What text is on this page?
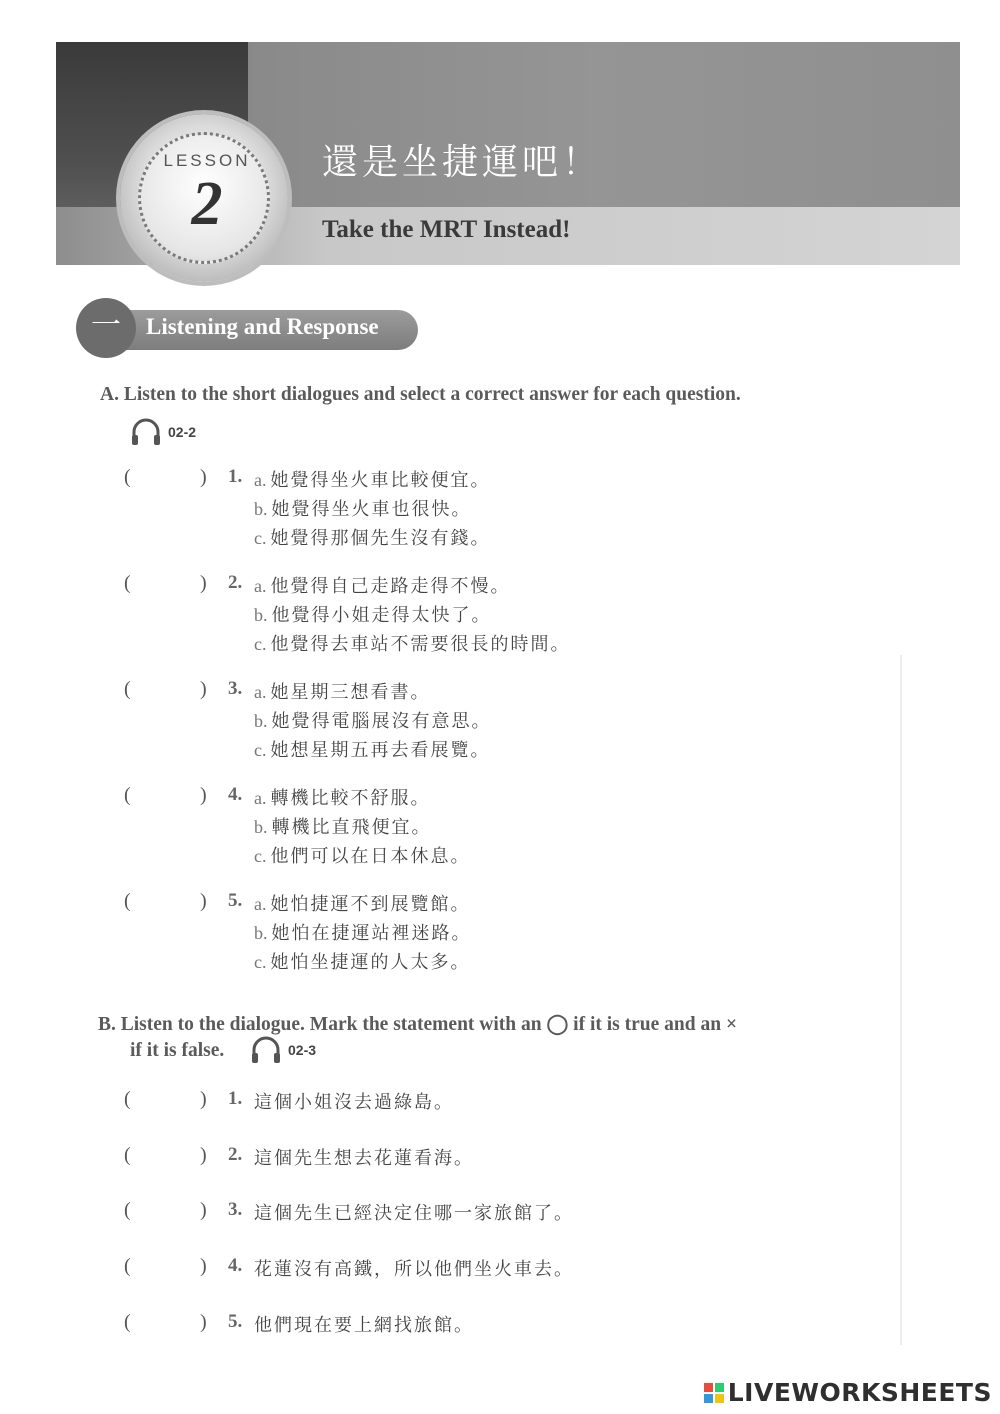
還是坐捷運吧！
Take the MRT Instead!
LESSON
2
一	Listening and Response
A. Listen to the short dialogues and select a correct answer for each question.
02-2
(	) 1. a. 她覺得坐火車比較便宜。
b. 她覺得坐火車也很快。
c. 她覺得那個先生沒有錢。
(	) 2. a. 他覺得自己走路走得不慢。
b. 他覺得小姐走得太快了。
c. 他覺得去車站不需要很長的時間。
(	) 3. a. 她星期三想看書。
b. 她覺得電腦展沒有意思。
c. 她想星期五再去看展覽。
(	) 4. a. 轉機比較不舒服。
b. 轉機比直飛便宜。
c. 他們可以在日本休息。
(	) 5. a. 她怕捷運不到展覽館。
b. 她怕在捷運站裡迷路。
c. 她怕坐捷運的人太多。
B. Listen to the dialogue. Mark the statement with an ◯ if it is true and an ×
if it is false.	02-3
(	) 1. 這個小姐沒去過綠島。
(	) 2. 這個先生想去花蓮看海。
(	) 3. 這個先生已經決定住哪一家旅館了。
(	) 4. 花蓮沒有高鐵，所以他們坐火車去。
(	) 5. 他們現在要上網找旅館。
LIVEWORKSHEETS
